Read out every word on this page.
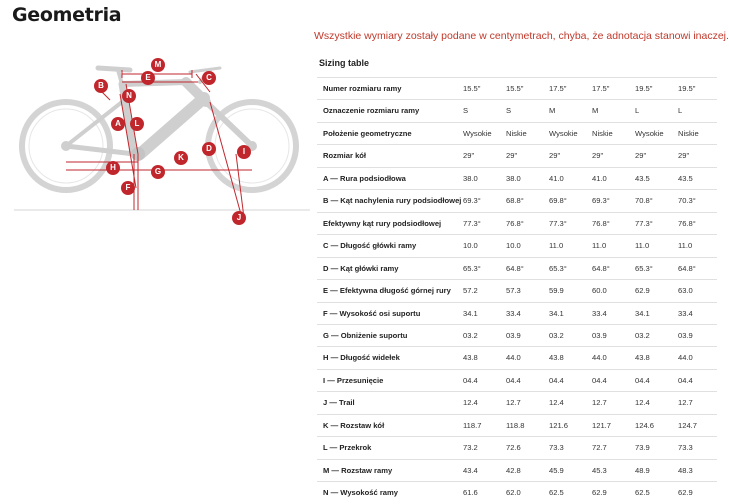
Geometria
M
E	C
B
N
A	L
D	I
K
H	G
F
J
Wszystkie wymiary zostały podane w centymetrach, chyba, że adnotacja stanowi inaczej.
Sizing table
Numer rozmiaru ramy	15.5"	15.5"	17.5"	17.5"	19.5"	19.5"
Oznaczenie rozmiaru ramy	S	S	M	M	L	L
Położenie geometryczne	Wysokie	Niskie	Wysokie	Niskie	Wysokie	Niskie
Rozmiar kół	29"	29"	29"	29"	29"	29"
A — Rura podsiodłowa	38.0	38.0	41.0	41.0	43.5	43.5
B — Kąt nachylenia rury podsiodłowej	69.3°	68.8°	69.8°	69.3°	70.8°	70.3°
Efektywny kąt rury podsiodłowej	77.3°	76.8°	77.3°	76.8°	77.3°	76.8°
C — Długość główki ramy	10.0	10.0	11.0	11.0	11.0	11.0
D — Kąt główki ramy	65.3°	64.8°	65.3°	64.8°	65.3°	64.8°
E — Efektywna długość górnej rury	57.2	57.3	59.9	60.0	62.9	63.0
F — Wysokość osi suportu	34.1	33.4	34.1	33.4	34.1	33.4
G — Obniżenie suportu	03.2	03.9	03.2	03.9	03.2	03.9
H — Długość widełek	43.8	44.0	43.8	44.0	43.8	44.0
I — Przesunięcie	04.4	04.4	04.4	04.4	04.4	04.4
J — Trail	12.4	12.7	12.4	12.7	12.4	12.7
K — Rozstaw kół	118.7	118.8	121.6	121.7	124.6	124.7
L — Przekrok	73.2	72.6	73.3	72.7	73.9	73.3
M — Rozstaw ramy	43.4	42.8	45.9	45.3	48.9	48.3
N — Wysokość ramy	61.6	62.0	62.5	62.9	62.5	62.9
